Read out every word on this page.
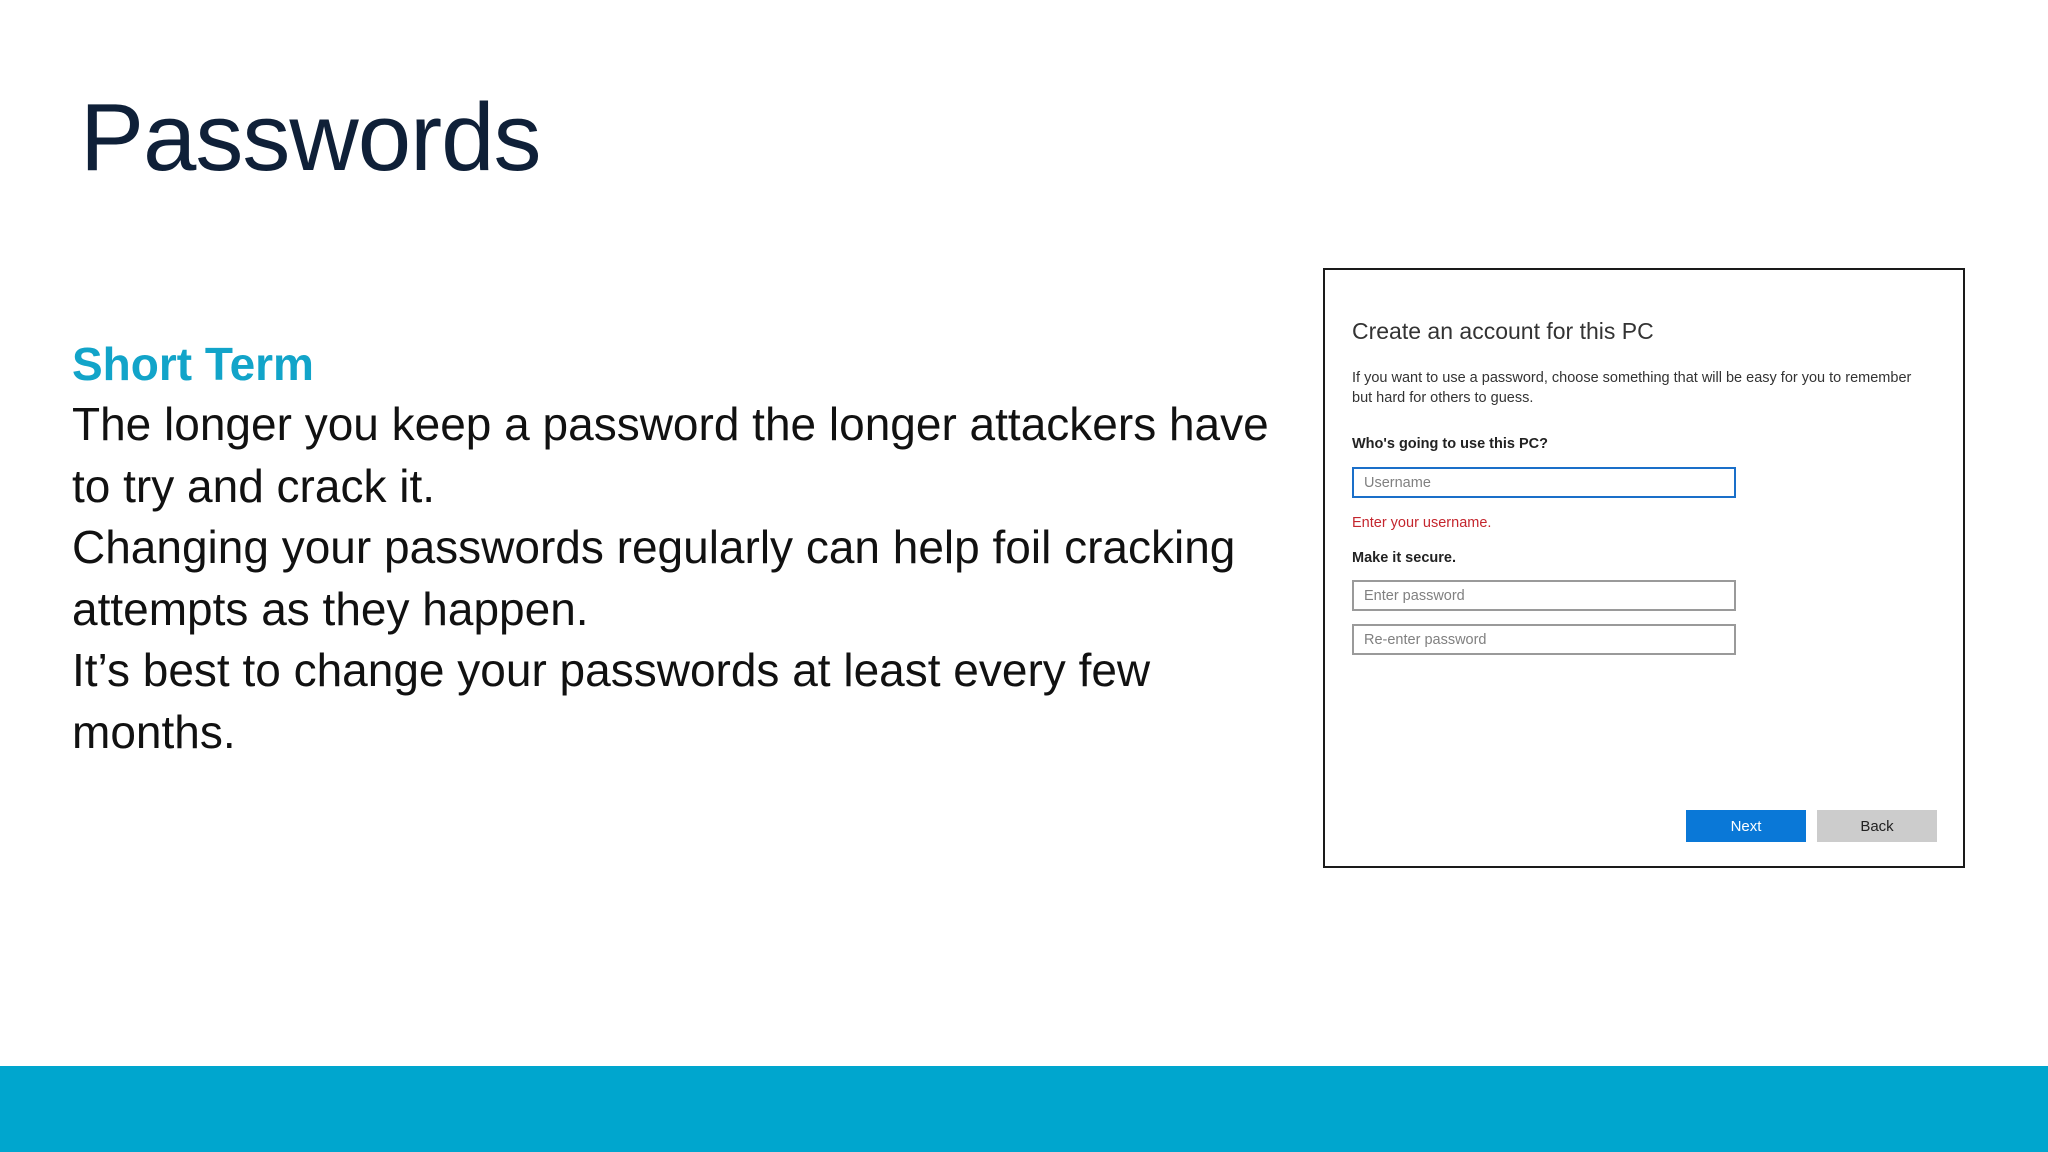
Passwords
Short Term
The longer you keep a password the longer attackers have
to try and crack it.
Changing your passwords regularly can help foil cracking
attempts as they happen.
It’s best to change your passwords at least every few
months.
Create an account for this PC
If you want to use a password, choose something that will be easy for you to remember
but hard for others to guess.
Who's going to use this PC?
Username
Enter your username.
Make it secure.
Next	Back
